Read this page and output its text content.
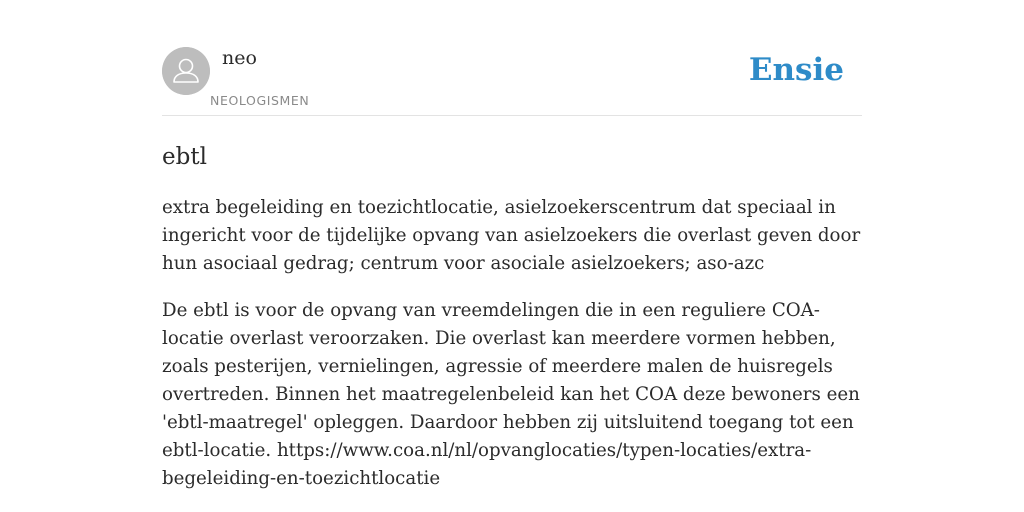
neo
NEOLOGISMEN
Ensie
ebtl

extra begeleiding en toezichtlocatie, asielzoekerscentrum dat speciaal in ingericht voor de tijdelijke opvang van asielzoekers die overlast geven door hun asociaal gedrag; centrum voor asociale asielzoekers; aso-azc

De ebtl is voor de opvang van vreemdelingen die in een reguliere COA-locatie overlast veroorzaken. Die overlast kan meerdere vormen hebben, zoals pesterijen, vernielingen, agressie of meerdere malen de huisregels overtreden. Binnen het maatregelenbeleid kan het COA deze bewoners een 'ebtl-maatregel' opleggen. Daardoor hebben zij uitsluitend toegang tot een ebtl-locatie. https://www.coa.nl/nl/opvanglocaties/typen-locaties/extra-begeleiding-en-toezichtlocatie
